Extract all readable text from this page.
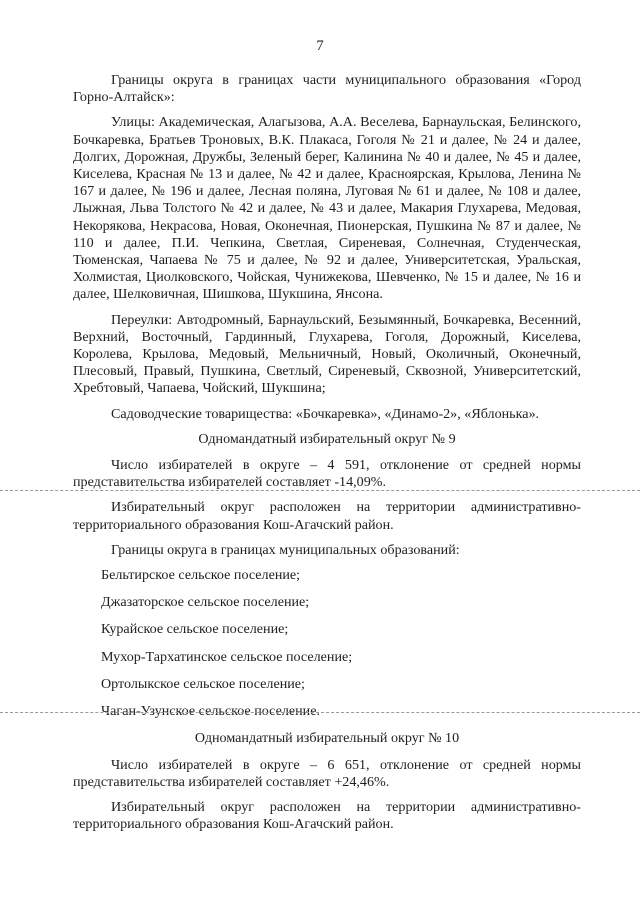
7
Границы округа в границах части муниципального образования «Город Горно-Алтайск»:
Улицы: Академическая, Алагызова, А.А. Веселева, Барнаульская, Белинского, Бочкаревка, Братьев Троновых, В.К. Плакаса, Гоголя № 21 и далее, № 24 и далее, Долгих, Дорожная, Дружбы, Зеленый берег, Калинина № 40 и далее, № 45 и далее, Киселева, Красная № 13 и далее, № 42 и далее, Красноярская, Крылова, Ленина № 167 и далее, № 196 и далее, Лесная поляна, Луговая № 61 и далее, № 108 и далее, Лыжная, Льва Толстого № 42 и далее, № 43 и далее, Макария Глухарева, Медовая, Некорякова, Некрасова, Новая, Оконечная, Пионерская, Пушкина № 87 и далее, № 110 и далее, П.И. Чепкина, Светлая, Сиреневая, Солнечная, Студенческая, Тюменская, Чапаева № 75 и далее, № 92 и далее, Университетская, Уральская, Холмистая, Циолковского, Чойская, Чунижекова, Шевченко, № 15 и далее, № 16 и далее, Шелковичная, Шишкова, Шукшина, Янсона.
Переулки: Автодромный, Барнаульский, Безымянный, Бочкаревка, Весенний, Верхний, Восточный, Гардинный, Глухарева, Гоголя, Дорожный, Киселева, Королева, Крылова, Медовый, Мельничный, Новый, Околичный, Оконечный, Плесовый, Правый, Пушкина, Светлый, Сиреневый, Сквозной, Университетский, Хребтовый, Чапаева, Чойский, Шукшина;
Садоводческие товарищества: «Бочкаревка», «Динамо-2», «Яблонька».
Одномандатный избирательный округ № 9
Число избирателей в округе – 4 591, отклонение от средней нормы представительства избирателей составляет -14,09%.
Избирательный округ расположен на территории административно-территориального образования Кош-Агачский район.
Границы округа в границах муниципальных образований:
Бельтирское сельское поселение;
Джазаторское сельское поселение;
Курайское сельское поселение;
Мухор-Тархатинское сельское поселение;
Ортолыкское сельское поселение;
Чаган-Узунское сельское поселение.
Одномандатный избирательный округ № 10
Число избирателей в округе – 6 651, отклонение от средней нормы представительства избирателей составляет +24,46%.
Избирательный округ расположен на территории административно-территориального образования Кош-Агачский район.
